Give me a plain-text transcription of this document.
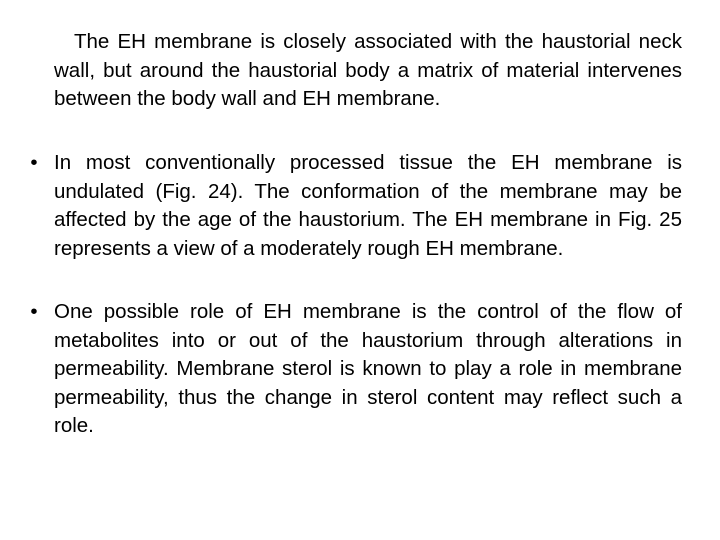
The EH membrane is closely associated with the haustorial neck wall, but around the haustorial body a matrix of material intervenes between the body wall and EH membrane.

• In most conventionally processed tissue the EH membrane is undulated (Fig. 24). The conformation of the membrane may be affected by the age of the haustorium. The EH membrane in Fig. 25 represents a view of a moderately rough EH membrane.

• One possible role of EH membrane is the control of the flow of metabolites into or out of the haustorium through alterations in permeability. Membrane sterol is known to play a role in membrane permeability, thus the change in sterol content may reflect such a role.
